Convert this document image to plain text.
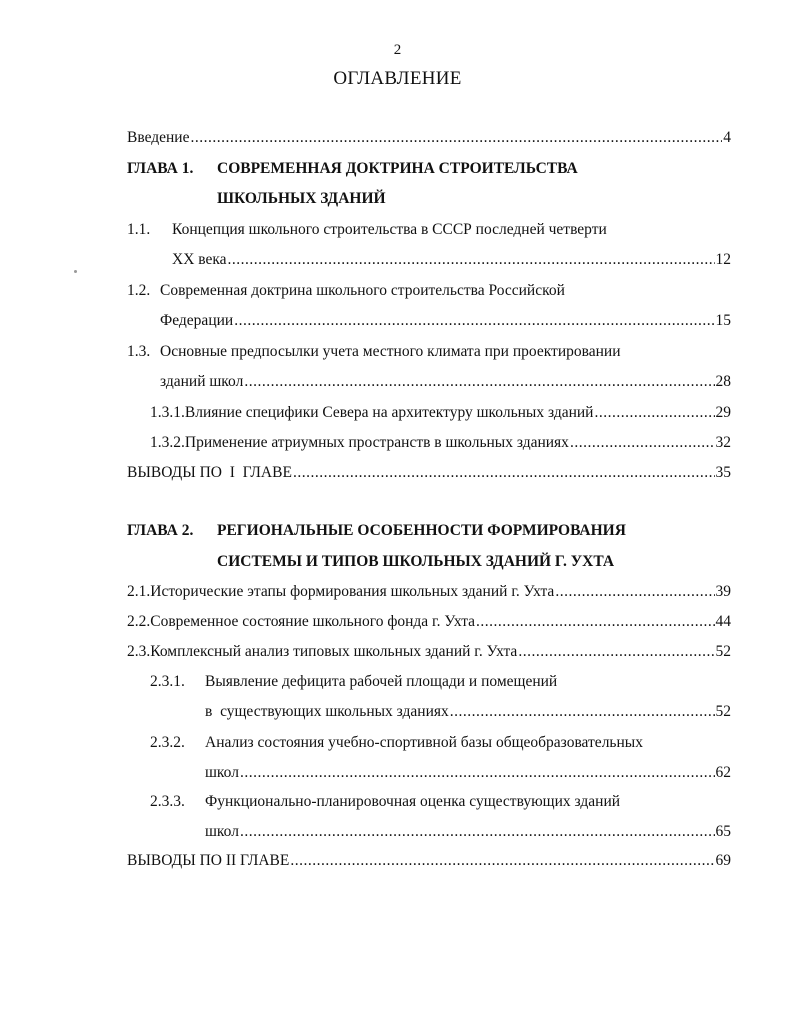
2
ОГЛАВЛЕНИЕ
Введение .....	4
ГЛАВА 1.	СОВРЕМЕННАЯ ДОКТРИНА СТРОИТЕЛЬСТВА
ШКОЛЬНЫХ ЗДАНИЙ
1.1.	Концепция школьного строительства в СССР последней четверти
XX века .....	12
1.2. Современная доктрина школьного строительства Российской
Федерации .....	15
1.3. Основные предпосылки учета местного климата при проектировании
зданий школ .....	28
1.3.1. Влияние специфики Севера на архитектуру школьных зданий .....	29
1.3.2. Применение атриумных пространств в школьных зданиях .....	32
ВЫВОДЫ ПО  I  ГЛАВЕ .....	35
ГЛАВА 2.	РЕГИОНАЛЬНЫЕ ОСОБЕННОСТИ ФОРМИРОВАНИЯ
СИСТЕМЫ И ТИПОВ ШКОЛЬНЫХ ЗДАНИЙ Г. УХТА
2.1. Исторические этапы формирования школьных зданий г. Ухта .....	39
2.2. Современное состояние школьного фонда г. Ухта .....	44
2.3. Комплексный анализ типовых школьных зданий г. Ухта .....	52
2.3.1.	Выявление дефицита рабочей площади и помещений
в  существующих школьных зданиях .....	52
2.3.2.	Анализ состояния учебно-спортивной базы общеобразовательных
школ .....	62
2.3.3.	Функционально-планировочная оценка существующих зданий
школ .....	65
ВЫВОДЫ ПО II ГЛАВЕ .....	69
